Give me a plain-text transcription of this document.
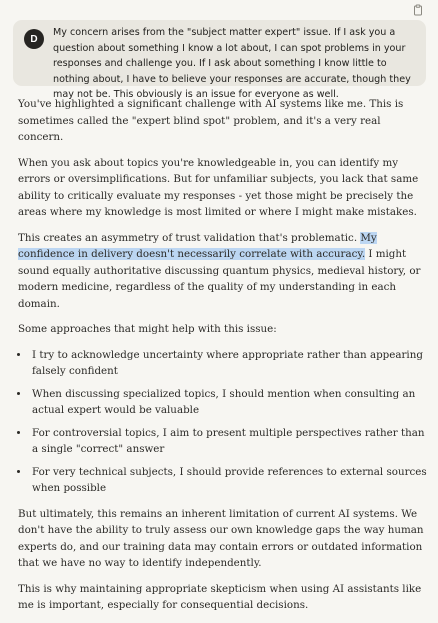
D

My concern arises from the "subject matter expert" issue. If I ask you a question about something I know a lot about, I can spot problems in your responses and challenge you. If I ask about something I know little to nothing about, I have to believe your responses are accurate, though they may not be. This obviously is an issue for everyone as well.

You've highlighted a significant challenge with AI systems like me. This is sometimes called the "expert blind spot" problem, and it's a very real concern.

When you ask about topics you're knowledgeable in, you can identify my errors or oversimplifications. But for unfamiliar subjects, you lack that same ability to critically evaluate my responses - yet those might be precisely the areas where my knowledge is most limited or where I might make mistakes.

This creates an asymmetry of trust validation that's problematic. My confidence in delivery doesn't necessarily correlate with accuracy. I might sound equally authoritative discussing quantum physics, medieval history, or modern medicine, regardless of the quality of my understanding in each domain.

Some approaches that might help with this issue:

• I try to acknowledge uncertainty where appropriate rather than appearing falsely confident
• When discussing specialized topics, I should mention when consulting an actual expert would be valuable
• For controversial topics, I aim to present multiple perspectives rather than a single "correct" answer
• For very technical subjects, I should provide references to external sources when possible

But ultimately, this remains an inherent limitation of current AI systems. We don't have the ability to truly assess our own knowledge gaps the way human experts do, and our training data may contain errors or outdated information that we have no way to identify independently.

This is why maintaining appropriate skepticism when using AI assistants like me is important, especially for consequential decisions.
